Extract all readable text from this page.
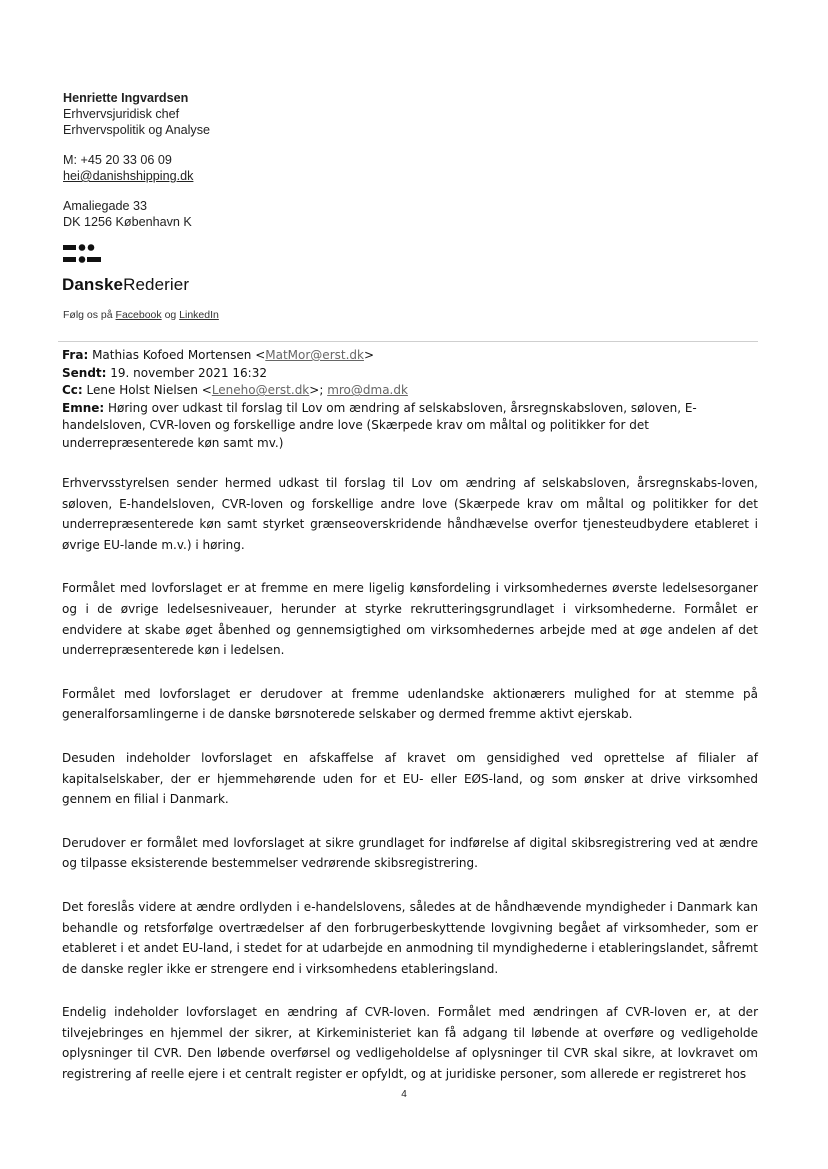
Henriette Ingvardsen
Erhvervsjuridisk chef
Erhvervspolitik og Analyse
M: +45 20 33 06 09
hei@danishshipping.dk
Amaliegade 33
DK 1256 København K
DanskeRederier
Følg os på Facebook og LinkedIn
Fra: Mathias Kofoed Mortensen <MatMor@erst.dk>
Sendt: 19. november 2021 16:32
Cc: Lene Holst Nielsen <Leneho@erst.dk>; mro@dma.dk
Emne: Høring over udkast til forslag til Lov om ændring af selskabsloven, årsregnskabsloven, søloven, E-handelsloven, CVR-loven og forskellige andre love (Skærpede krav om måltal og politikker for det underrepræsenterede køn samt mv.)

Erhvervsstyrelsen sender hermed udkast til forslag til Lov om ændring af selskabsloven, årsregnskabs-loven, søloven, E-handelsloven, CVR-loven og forskellige andre love (Skærpede krav om måltal og politikker for det underrepræsenterede køn samt styrket grænseoverskridende håndhævelse overfor tjenesteudbydere etableret i øvrige EU-lande m.v.) i høring.

Formålet med lovforslaget er at fremme en mere ligelig kønsfordeling i virksomhedernes øverste ledelsesorganer og i de øvrige ledelsesniveauer, herunder at styrke rekrutteringsgrundlaget i virksomhederne. Formålet er endvidere at skabe øget åbenhed og gennemsigtighed om virksomhedernes arbejde med at øge andelen af det underrepræsenterede køn i ledelsen.

Formålet med lovforslaget er derudover at fremme udenlandske aktionærers mulighed for at stemme på generalforsamlingerne i de danske børsnoterede selskaber og dermed fremme aktivt ejerskab.

Desuden indeholder lovforslaget en afskaffelse af kravet om gensidighed ved oprettelse af filialer af kapitalselskaber, der er hjemmehørende uden for et EU- eller EØS-land, og som ønsker at drive virksomhed gennem en filial i Danmark.

Derudover er formålet med lovforslaget at sikre grundlaget for indførelse af digital skibsregistrering ved at ændre og tilpasse eksisterende bestemmelser vedrørende skibsregistrering.

Det foreslås videre at ændre ordlyden i e-handelslovens, således at de håndhævende myndigheder i Danmark kan behandle og retsforfølge overtrædelser af den forbrugerbeskyttende lovgivning begået af virksomheder, som er etableret i et andet EU-land, i stedet for at udarbejde en anmodning til myndighederne i etableringslandet, såfremt de danske regler ikke er strengere end i virksomhedens etableringsland.

Endelig indeholder lovforslaget en ændring af CVR-loven. Formålet med ændringen af CVR-loven er, at der tilvejebringes en hjemmel der sikrer, at Kirkeministeriet kan få adgang til løbende at overføre og vedligeholde oplysninger til CVR. Den løbende overførsel og vedligeholdelse af oplysninger til CVR skal sikre, at lovkravet om registrering af reelle ejere i et centralt register er opfyldt, og at juridiske personer, som allerede er registreret hos

4
